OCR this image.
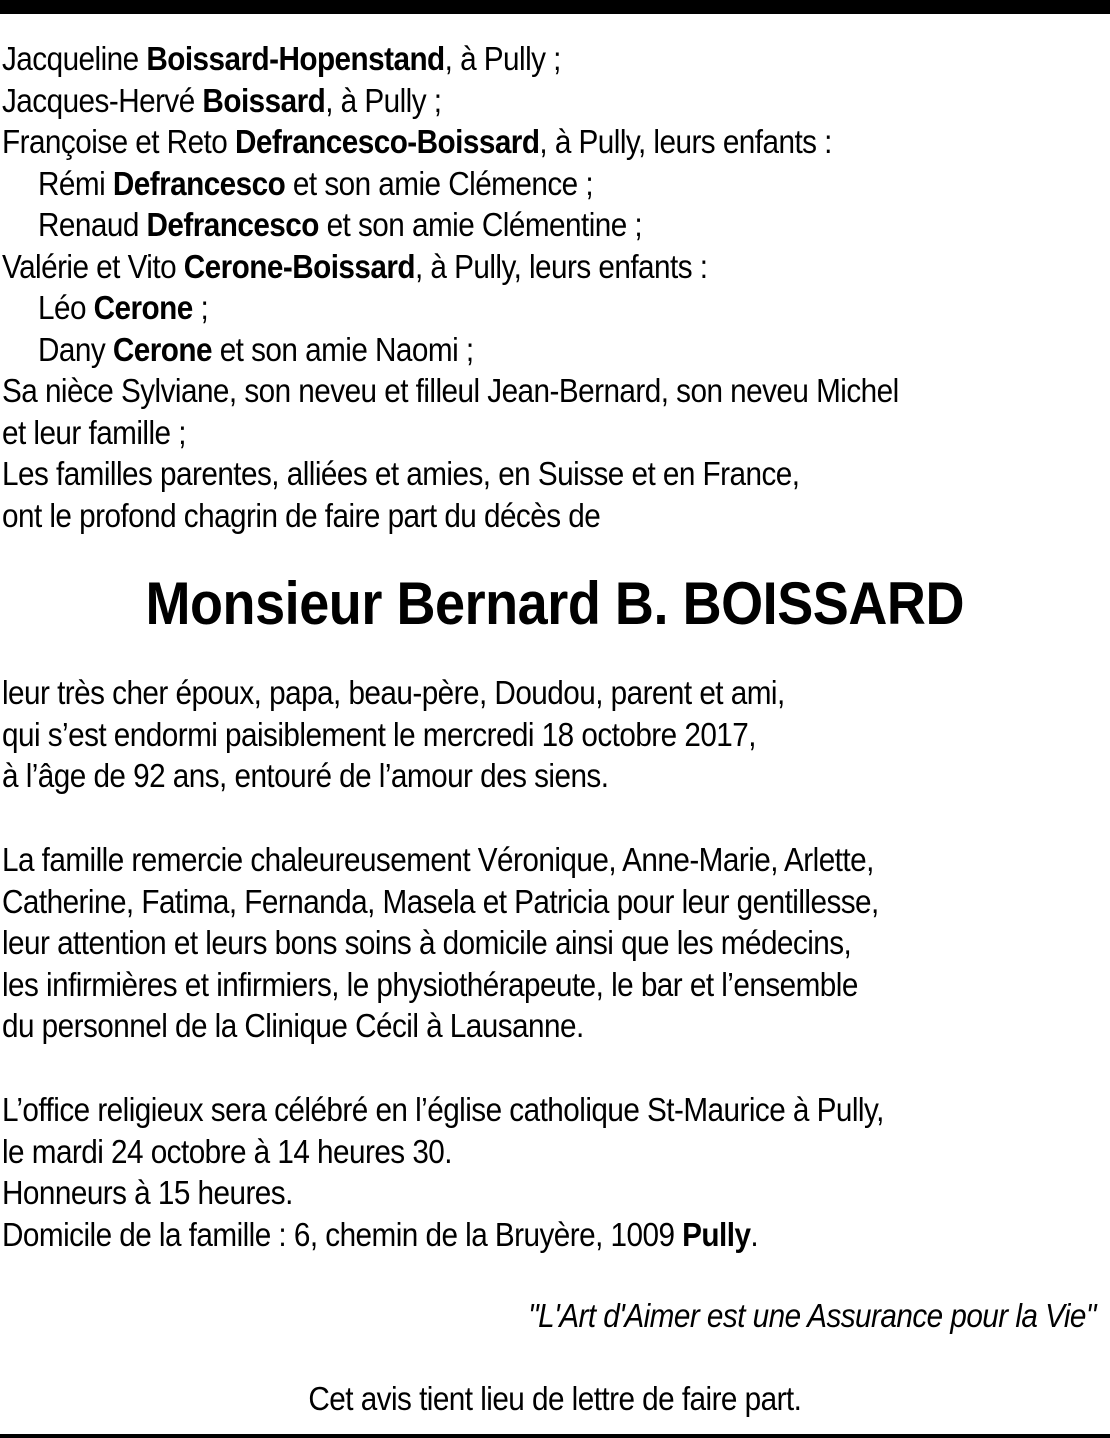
Jacqueline Boissard-Hopenstand, à Pully ;
Jacques-Hervé Boissard, à Pully ;
Françoise et Reto Defrancesco-Boissard, à Pully, leurs enfants :
Rémi Defrancesco et son amie Clémence ;
Renaud Defrancesco et son amie Clémentine ;
Valérie et Vito Cerone-Boissard, à Pully, leurs enfants :
Léo Cerone ;
Dany Cerone et son amie Naomi ;
Sa nièce Sylviane, son neveu et filleul Jean-Bernard, son neveu Michel
et leur famille ;
Les familles parentes, alliées et amies, en Suisse et en France,
ont le profond chagrin de faire part du décès de
Monsieur Bernard B. BOISSARD
leur très cher époux, papa, beau-père, Doudou, parent et ami,
qui s’est endormi paisiblement le mercredi 18 octobre 2017,
à l’âge de 92 ans, entouré de l’amour des siens.
La famille remercie chaleureusement Véronique, Anne-Marie, Arlette,
Catherine, Fatima, Fernanda, Masela et Patricia pour leur gentillesse,
leur attention et leurs bons soins à domicile ainsi que les médecins,
les infirmières et infirmiers, le physiothérapeute, le bar et l’ensemble
du personnel de la Clinique Cécil à Lausanne.
L’office religieux sera célébré en l’église catholique St-Maurice à Pully,
le mardi 24 octobre à 14 heures 30.
Honneurs à 15 heures.
Domicile de la famille : 6, chemin de la Bruyère, 1009 Pully.
"L'Art d'Aimer est une Assurance pour la Vie"
Cet avis tient lieu de lettre de faire part.
